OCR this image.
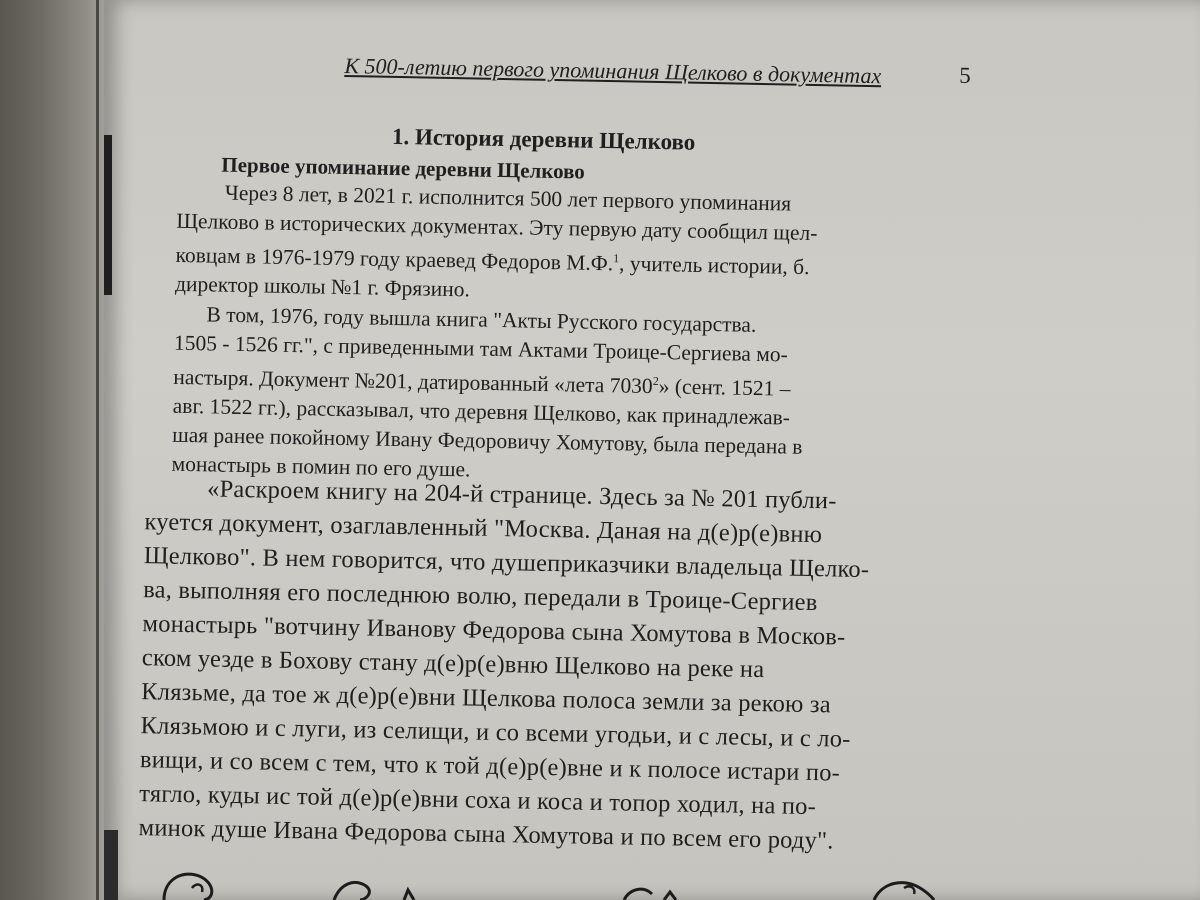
К 500-летию первого упоминания Щелково в документах	5
1. История деревни Щелково
Первое упоминание деревни Щелково
Через 8 лет, в 2021 г. исполнится 500 лет первого упоминания
Щелково в исторических документах. Эту первую дату сообщил щел-
ковцам в 1976-1979 году краевед Федоров М.Ф.$^1$, учитель истории, б.
директор школы №1 г. Фрязино.
В том, 1976, году вышла книга "Акты Русского государства.
1505 - 1526 гг.", с приведенными там Актами Троице-Сергиева мо-
настыря. Документ №201, датированный «лета 7030$^2$» (сент. 1521 –
авг. 1522 гг.), рассказывал, что деревня Щелково, как принадлежав-
шая ранее покойному Ивану Федоровичу Хомутову, была передана в
монастырь в помин по его душе.
«Раскроем книгу на 204-й странице. Здесь за № 201 публи-
куется документ, озаглавленный "Москва. Даная на д(е)р(е)вню
Щелково". В нем говорится, что душеприказчики владельца Щелко-
ва, выполняя его последнюю волю, передали в Троице-Сергиев
монастырь "вотчину Иванову Федорова сына Хомутова в Москов-
ском уезде в Бохову стану д(е)р(е)вню Щелково на реке на
Клязьме, да тое ж д(е)р(е)вни Щелкова полоса земли за рекою за
Клязьмою и с луги, из селищи, и со всеми угодьи, и с лесы, и с ло-
вищи, и со всем с тем, что к той д(е)р(е)вне и к полосе истари по-
тягло, куды ис той д(е)р(е)вни соха и коса и топор ходил, на по-
минок душе Ивана Федорова сына Хомутова и по всем его роду".
